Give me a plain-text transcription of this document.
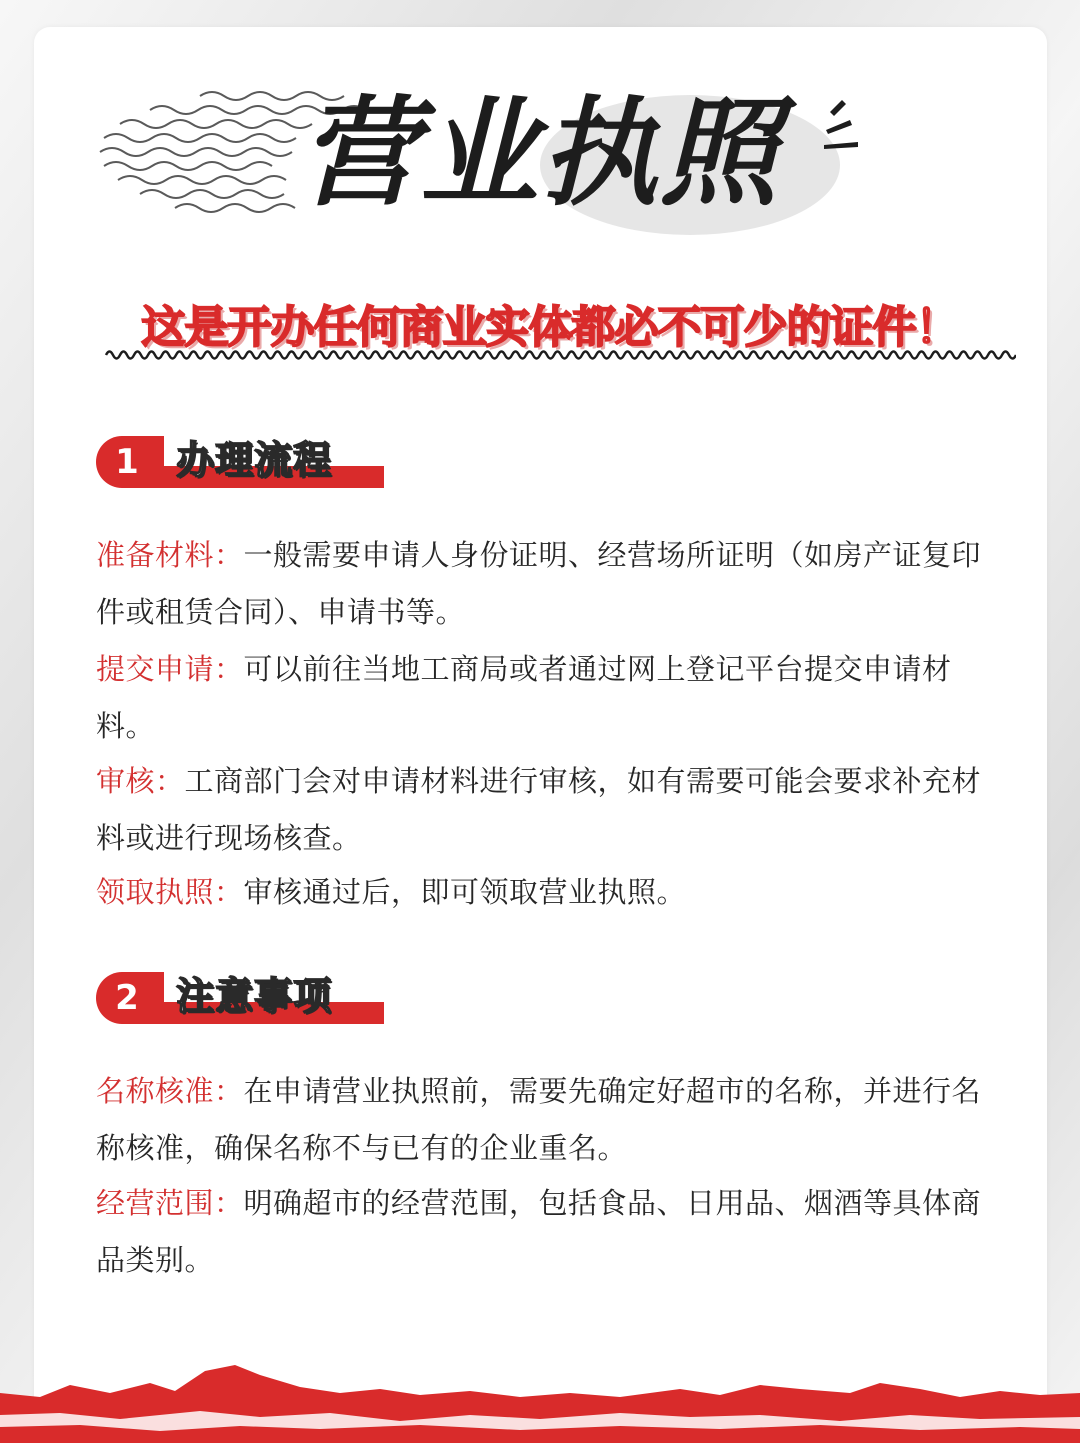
营业执照
这是开办任何商业实体都必不可少的证件！
1 办理流程
准备材料：一般需要申请人身份证明、经营场所证明（如房产证复印件或租赁合同）、申请书等。
提交申请：可以前往当地工商局或者通过网上登记平台提交申请材料。
审核：工商部门会对申请材料进行审核，如有需要可能会要求补充材料或进行现场核查。
领取执照：审核通过后，即可领取营业执照。
2 注意事项
名称核准：在申请营业执照前，需要先确定好超市的名称，并进行名称核准，确保名称不与已有的企业重名。
经营范围：明确超市的经营范围，包括食品、日用品、烟酒等具体商品类别。
